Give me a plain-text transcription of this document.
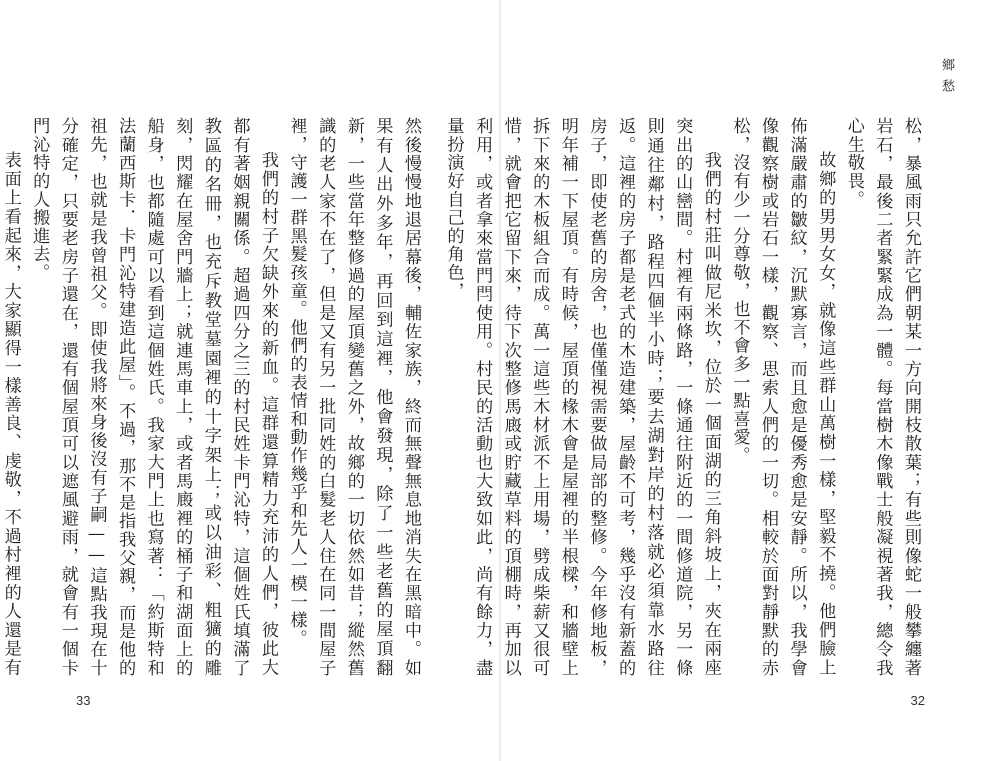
然後慢慢地退居幕後，輔佐家族，終而無聲無息地消失在黑暗中。如果有人出外多年，再回到這裡，他會發現，除了一些老舊的屋頂翻新，一些當年整修過的屋頂變舊之外，故鄉的一切依然如昔；縱然舊識的老人家不在了，但是又有另一批同姓的白髮老人住在同一間屋子裡，守護一群黑髮孩童。他們的表情和動作幾乎和先人一模一樣。

我們的村子欠缺外來的新血。這群還算精力充沛的人們，彼此大都有著姻親關係。超過四分之三的村民姓卡門沁特，這個姓氏填滿了教區的名冊，也充斥教堂墓園裡的十字架上；或以油彩、粗獷的雕刻，閃耀在屋舍門牆上；就連馬車上，或者馬廄裡的桶子和湖面上的船身，也都隨處可以看到這個姓氏。我家大門上也寫著：「約斯特和法蘭西斯卡．卡門沁特建造此屋」。不過，那不是指我父親，而是他的祖先，也就是我曾祖父。即使我將來身後沒有子嗣——這點我現在十分確定，只要老房子還在，還有個屋頂可以遮風避雨，就會有一個卡門沁特的人搬進去。

表面上看起來，大家顯得一樣善良、虔敬，不過村裡的人還是有

33
鄉愁

松，暴風雨只允許它們朝某一方向開枝散葉；有些則像蛇一般攀纏著岩石，最後二者緊緊成為一體。每當樹木像戰士般凝視著我，總令我心生敬畏。

故鄉的男男女女，就像這些群山萬樹一樣，堅毅不撓。他們臉上佈滿嚴肅的皺紋，沉默寡言，而且愈是優秀愈是安靜。所以，我學會像觀察樹或岩石一樣，觀察、思索人們的一切。相較於面對靜默的赤松，沒有少一分尊敬，也不會多一點喜愛。

我們的村莊叫做尼米坎，位於一個面湖的三角斜坡上，夾在兩座突出的山巒間。村裡有兩條路，一條通往附近的一間修道院，另一條則通往鄰村，路程四個半小時；要去湖對岸的村落就必須靠水路往返。這裡的房子都是老式的木造建築，屋齡不可考，幾乎沒有新蓋的房子，即使老舊的房舍，也僅僅視需要做局部的整修。今年修地板，明年補一下屋頂。有時候，屋頂的椽木會是屋裡的半根樑，和牆壁上拆下來的木板組合而成。萬一這些木材派不上用場，劈成柴薪又很可惜，就會把它留下來，待下次整修馬廄或貯藏草料的頂棚時，再加以利用，或者拿來當門閂使用。村民的活動也大致如此，尚有餘力，盡量扮演好自己的角色，

32
